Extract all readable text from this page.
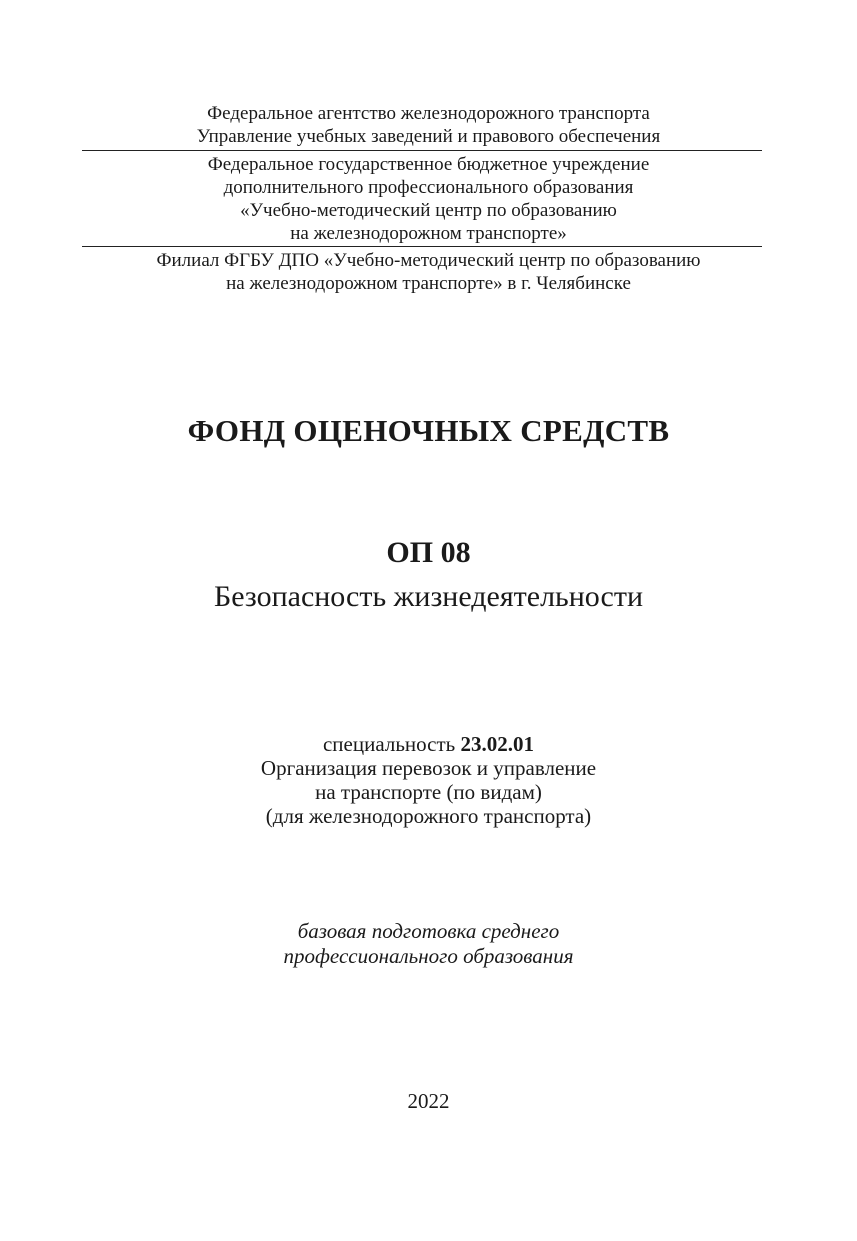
Федеральное агентство железнодорожного транспорта
Управление учебных заведений и правового обеспечения
Федеральное государственное бюджетное учреждение
дополнительного профессионального образования
«Учебно-методический центр по образованию
на железнодорожном транспорте»
Филиал ФГБУ ДПО «Учебно-методический центр по образованию
на железнодорожном транспорте» в г. Челябинске
ФОНД ОЦЕНОЧНЫХ СРЕДСТВ
ОП 08
Безопасность жизнедеятельности
специальность 23.02.01
Организация перевозок и управление
на транспорте (по видам)
(для железнодорожного транспорта)
базовая подготовка среднего
профессионального образования
2022
